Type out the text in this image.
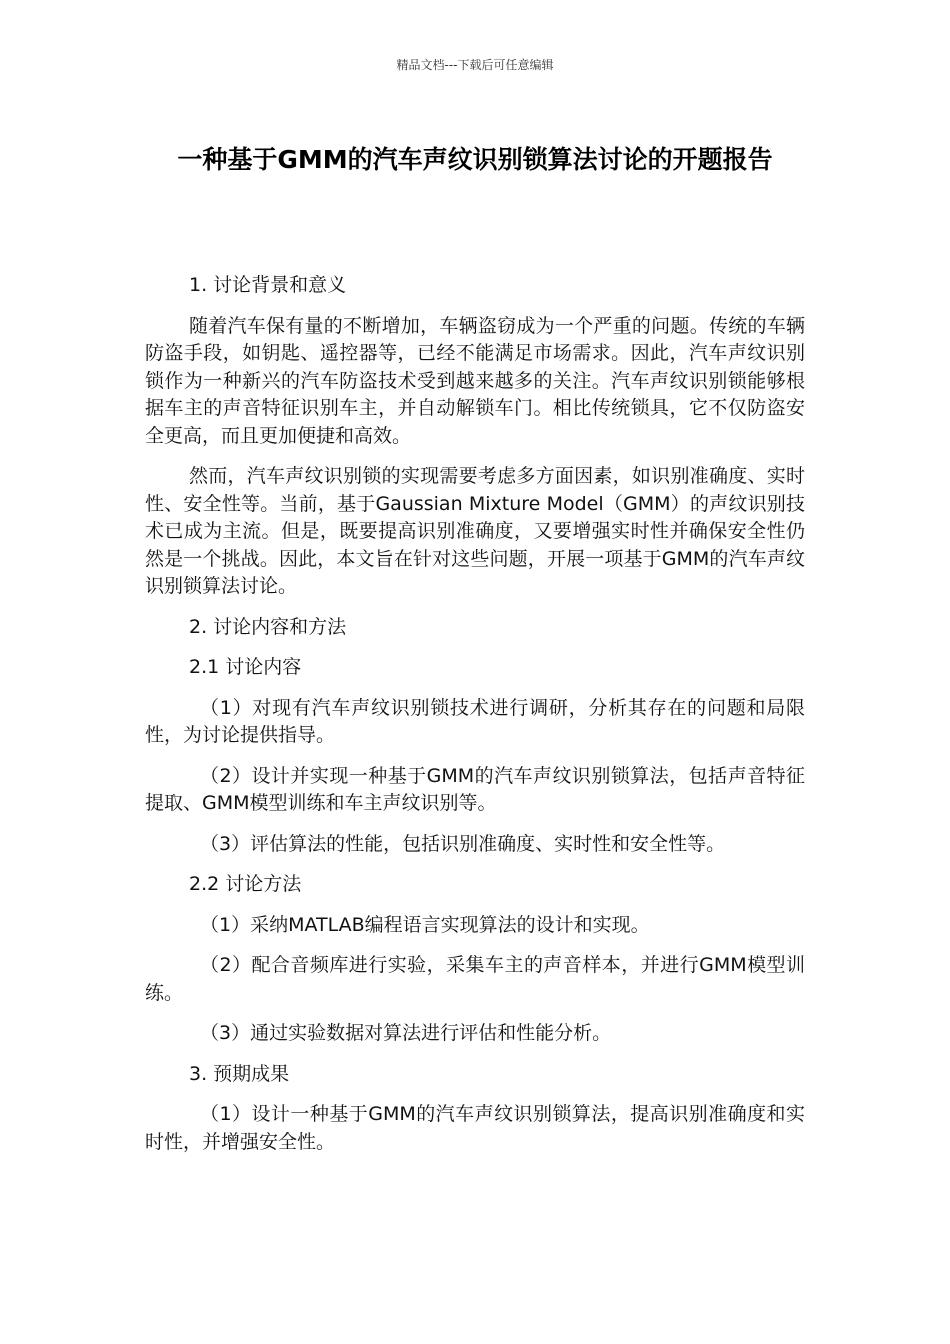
精品文档---下载后可任意编辑
一种基于GMM的汽车声纹识别锁算法讨论的开题报告

1. 讨论背景和意义

随着汽车保有量的不断增加，车辆盗窃成为一个严重的问题。传统的车辆防盗手段，如钥匙、遥控器等，已经不能满足市场需求。因此，汽车声纹识别锁作为一种新兴的汽车防盗技术受到越来越多的关注。汽车声纹识别锁能够根据车主的声音特征识别车主，并自动解锁车门。相比传统锁具，它不仅防盗安全更高，而且更加便捷和高效。

然而，汽车声纹识别锁的实现需要考虑多方面因素，如识别准确度、实时性、安全性等。当前，基于Gaussian Mixture Model（GMM）的声纹识别技术已成为主流。但是，既要提高识别准确度，又要增强实时性并确保安全性仍然是一个挑战。因此，本文旨在针对这些问题，开展一项基于GMM的汽车声纹识别锁算法讨论。

2. 讨论内容和方法

2.1 讨论内容

（1）对现有汽车声纹识别锁技术进行调研，分析其存在的问题和局限性，为讨论提供指导。

（2）设计并实现一种基于GMM的汽车声纹识别锁算法，包括声音特征提取、GMM模型训练和车主声纹识别等。

（3）评估算法的性能，包括识别准确度、实时性和安全性等。

2.2 讨论方法

（1）采纳MATLAB编程语言实现算法的设计和实现。

（2）配合音频库进行实验，采集车主的声音样本，并进行GMM模型训练。

（3）通过实验数据对算法进行评估和性能分析。

3. 预期成果

（1）设计一种基于GMM的汽车声纹识别锁算法，提高识别准确度和实时性，并增强安全性。
